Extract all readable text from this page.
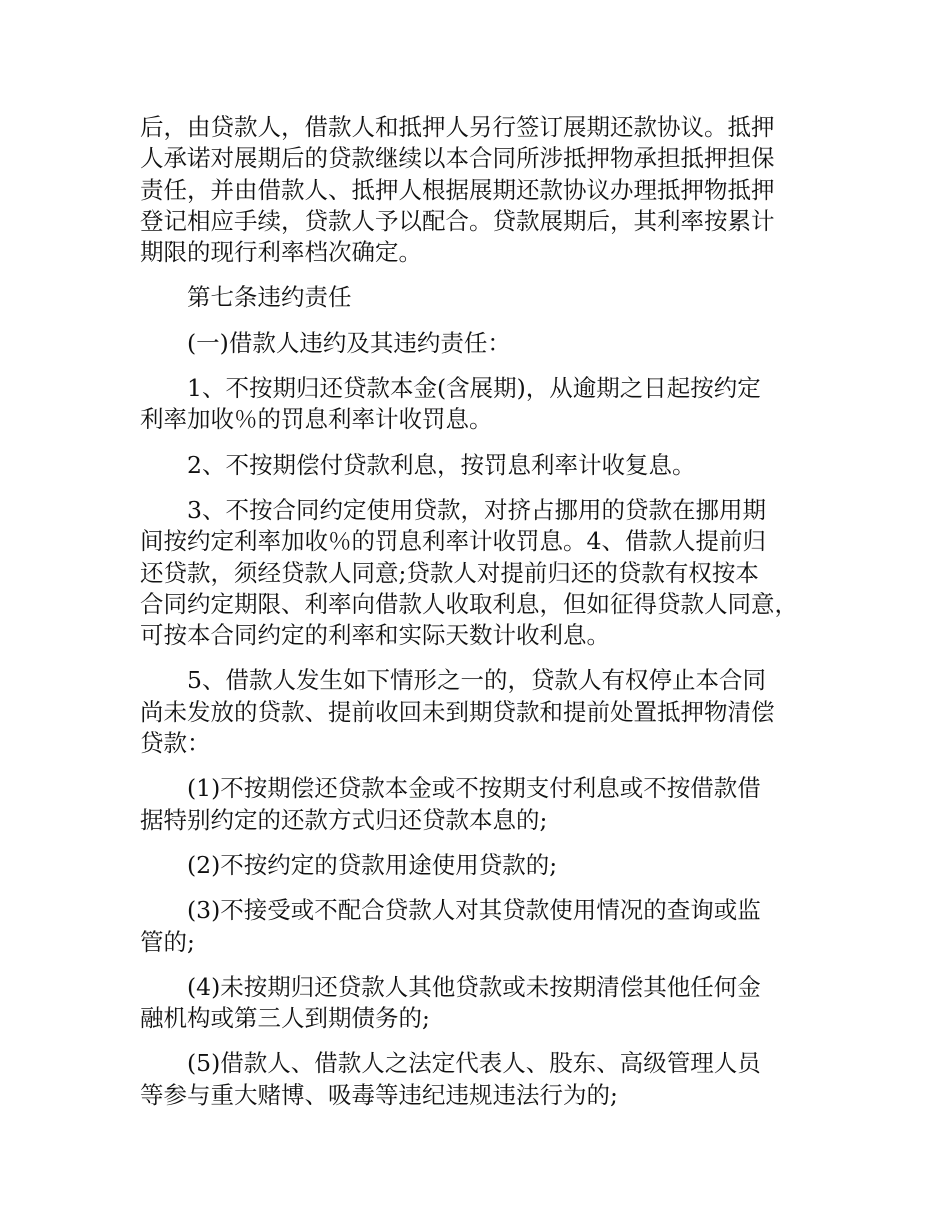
后，由贷款人，借款人和抵押人另行签订展期还款协议。抵押
人承诺对展期后的贷款继续以本合同所涉抵押物承担抵押担保
责任，并由借款人、抵押人根据展期还款协议办理抵押物抵押
登记相应手续，贷款人予以配合。贷款展期后，其利率按累计
期限的现行利率档次确定。

第七条违约责任

(一)借款人违约及其违约责任：

1、不按期归还贷款本金(含展期)，从逾期之日起按约定
利率加收％的罚息利率计收罚息。

2、不按期偿付贷款利息，按罚息利率计收复息。

3、不按合同约定使用贷款，对挤占挪用的贷款在挪用期
间按约定利率加收％的罚息利率计收罚息。4、借款人提前归
还贷款，须经贷款人同意;贷款人对提前归还的贷款有权按本
合同约定期限、利率向借款人收取利息，但如征得贷款人同意，
可按本合同约定的利率和实际天数计收利息。

5、借款人发生如下情形之一的，贷款人有权停止本合同
尚未发放的贷款、提前收回未到期贷款和提前处置抵押物清偿
贷款：

(1)不按期偿还贷款本金或不按期支付利息或不按借款借
据特别约定的还款方式归还贷款本息的;

(2)不按约定的贷款用途使用贷款的;

(3)不接受或不配合贷款人对其贷款使用情况的查询或监
管的;

(4)未按期归还贷款人其他贷款或未按期清偿其他任何金
融机构或第三人到期债务的;

(5)借款人、借款人之法定代表人、股东、高级管理人员
等参与重大赌博、吸毒等违纪违规违法行为的;
